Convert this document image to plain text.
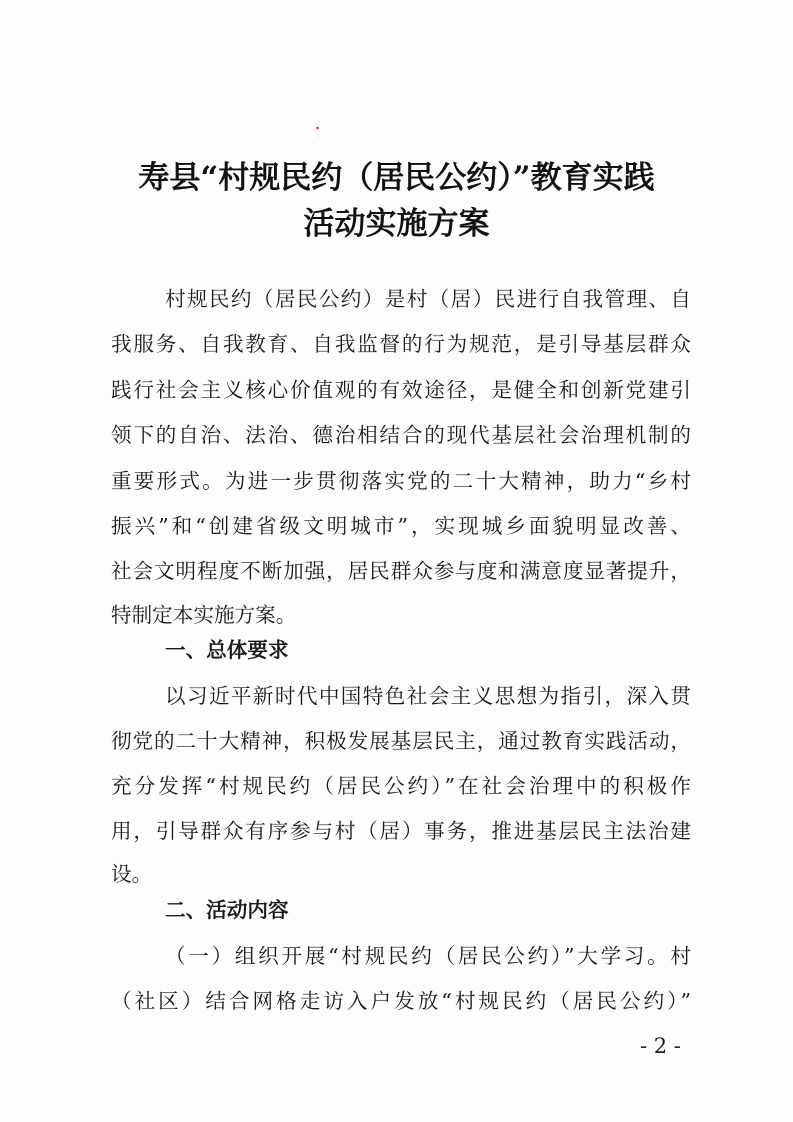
寿县“村规民约（居民公约）”教育实践
活动实施方案

村规民约（居民公约）是村（居）民进行自我管理、自

我服务、自我教育、自我监督的行为规范，是引导基层群众

践行社会主义核心价值观的有效途径，是健全和创新党建引

领下的自治、法治、德治相结合的现代基层社会治理机制的

重要形式。为进一步贯彻落实党的二十大精神，助力“乡村

振兴”和“创建省级文明城市”，实现城乡面貌明显改善、

社会文明程度不断加强，居民群众参与度和满意度显著提升，

特制定本实施方案。

一、总体要求

以习近平新时代中国特色社会主义思想为指引，深入贯

彻党的二十大精神，积极发展基层民主，通过教育实践活动，

充分发挥“村规民约（居民公约）”在社会治理中的积极作

用，引导群众有序参与村（居）事务，推进基层民主法治建

设。

二、活动内容

（一）组织开展“村规民约（居民公约）”大学习。村

（社区）结合网格走访入户发放“村规民约（居民公约）”

- 2 -
